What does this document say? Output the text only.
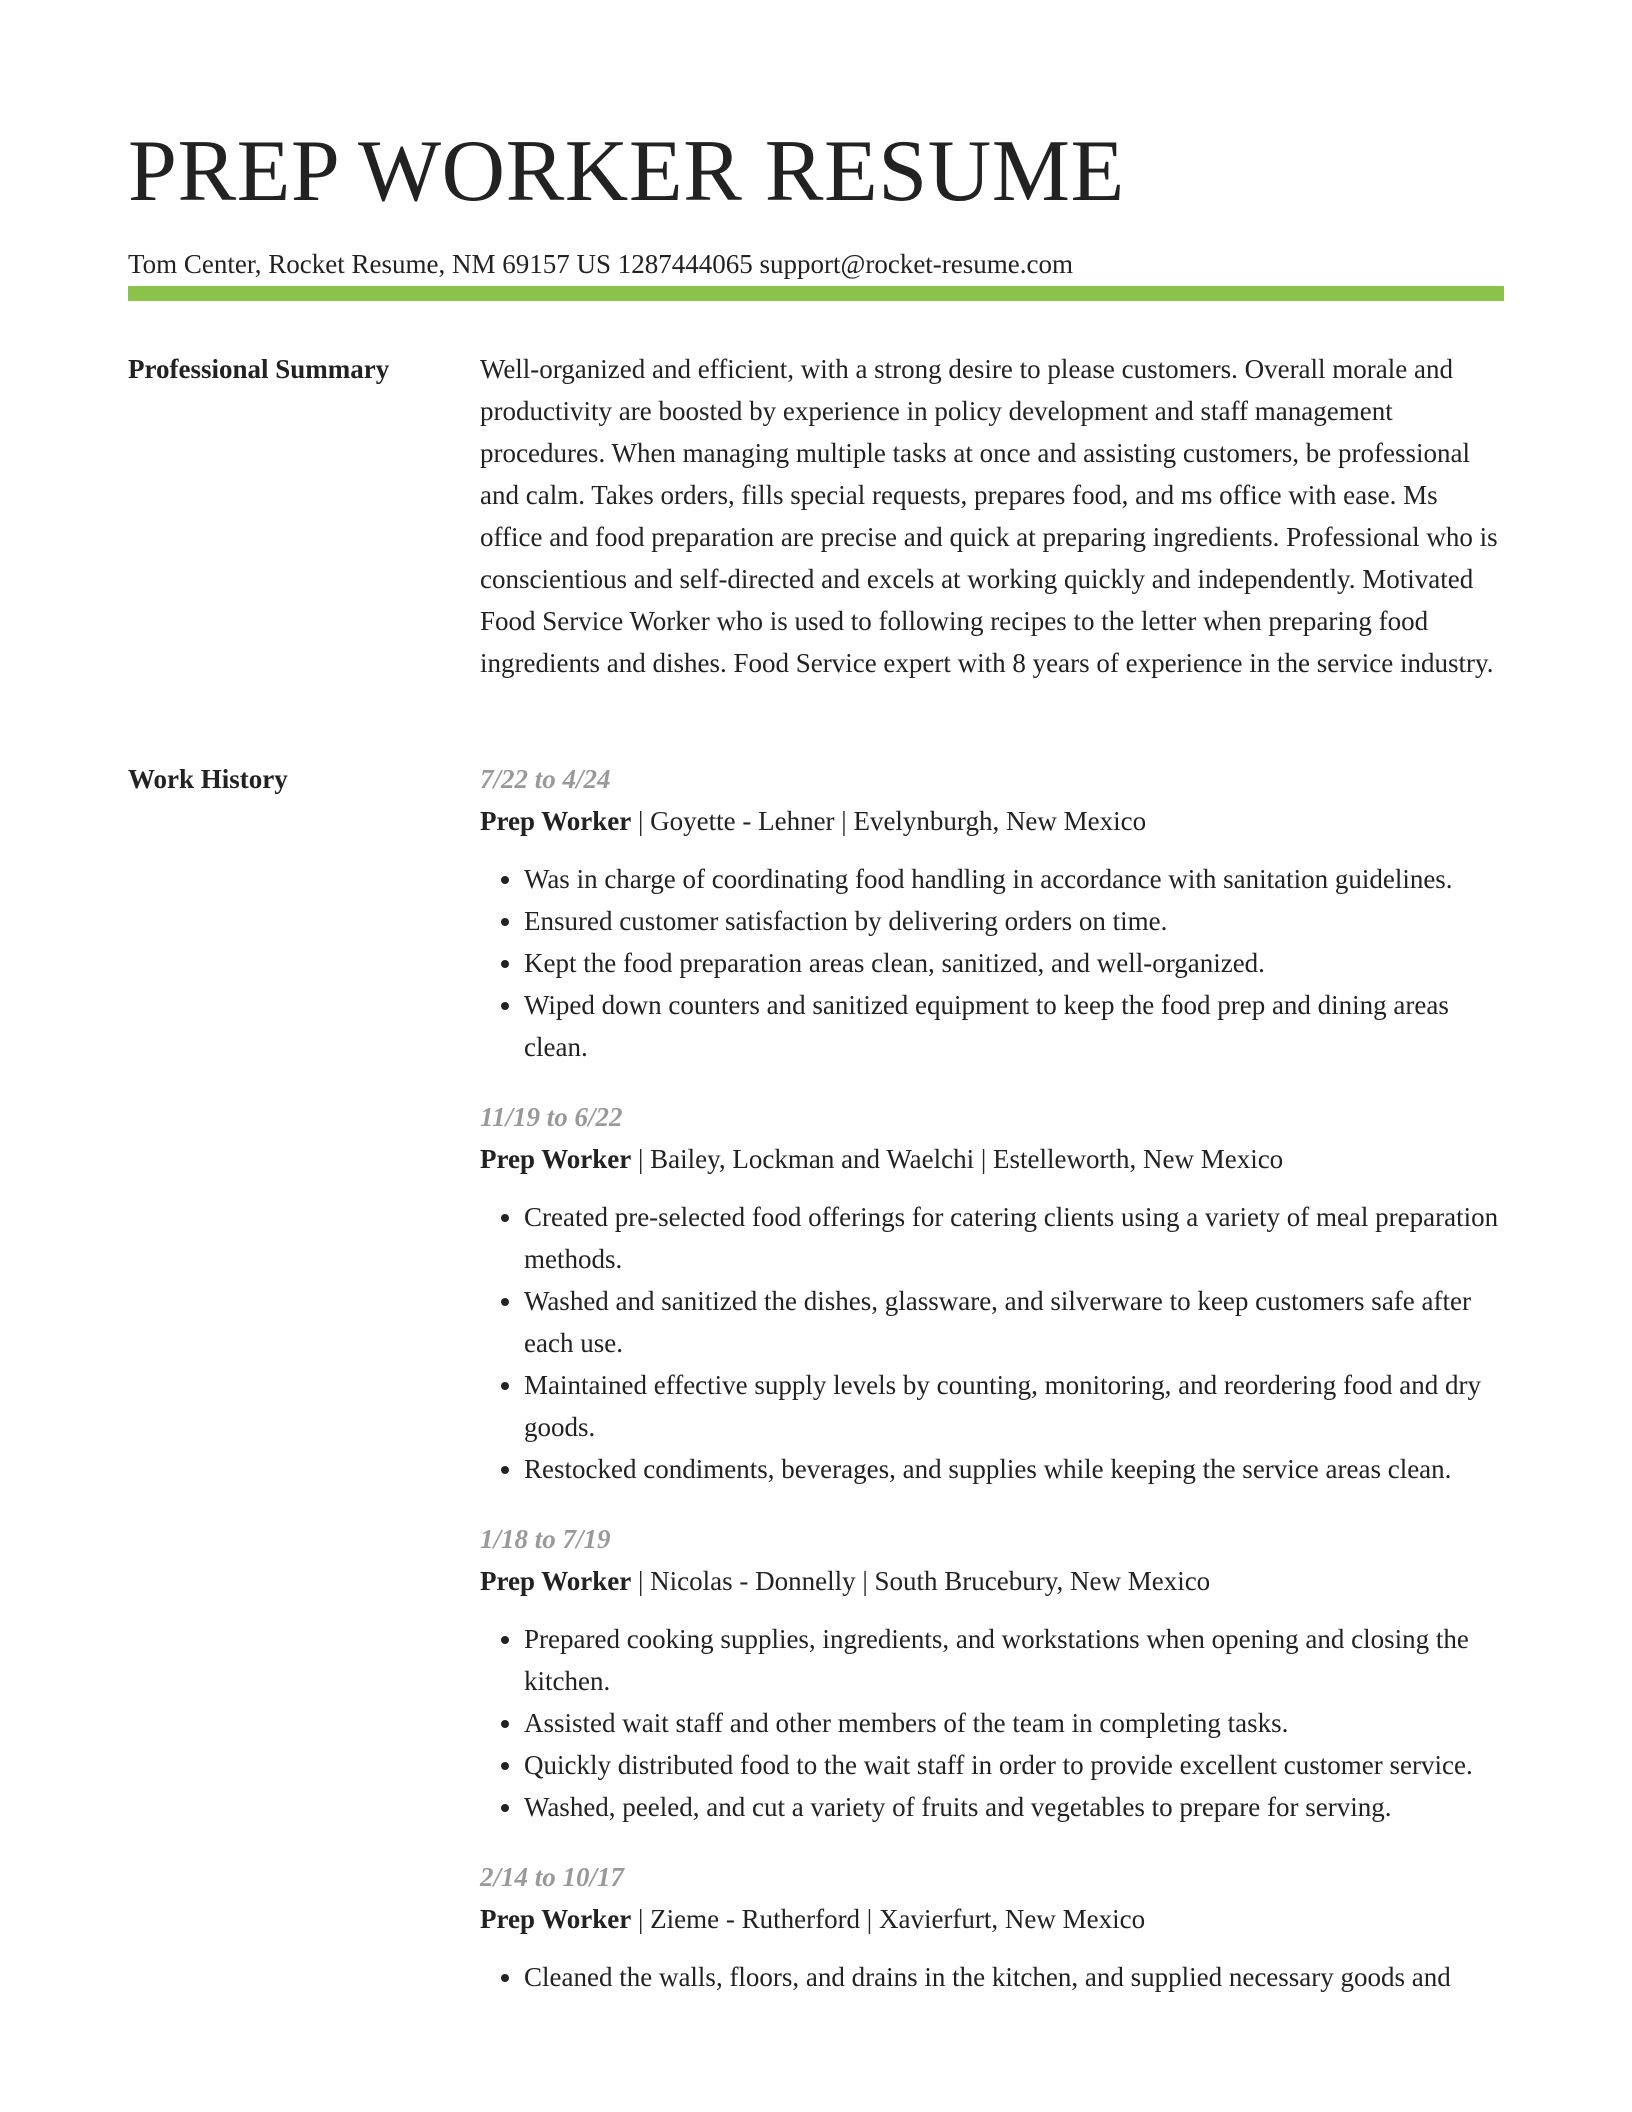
PREP WORKER RESUME
Tom Center, Rocket Resume, NM 69157 US 1287444065 support@rocket-resume.com
Professional Summary	Well-organized and efficient, with a strong desire to please customers. Overall morale and productivity are boosted by experience in policy development and staff management procedures. When managing multiple tasks at once and assisting customers, be professional and calm. Takes orders, fills special requests, prepares food, and ms office with ease. Ms office and food preparation are precise and quick at preparing ingredients. Professional who is conscientious and self-directed and excels at working quickly and independently. Motivated Food Service Worker who is used to following recipes to the letter when preparing food ingredients and dishes. Food Service expert with 8 years of experience in the service industry.

Work History	7/22 to 4/24
Prep Worker | Goyette - Lehner | Evelynburgh, New Mexico
• Was in charge of coordinating food handling in accordance with sanitation guidelines.
• Ensured customer satisfaction by delivering orders on time.
• Kept the food preparation areas clean, sanitized, and well-organized.
• Wiped down counters and sanitized equipment to keep the food prep and dining areas clean.
11/19 to 6/22
Prep Worker | Bailey, Lockman and Waelchi | Estelleworth, New Mexico
• Created pre-selected food offerings for catering clients using a variety of meal preparation methods.
• Washed and sanitized the dishes, glassware, and silverware to keep customers safe after each use.
• Maintained effective supply levels by counting, monitoring, and reordering food and dry goods.
• Restocked condiments, beverages, and supplies while keeping the service areas clean.
1/18 to 7/19
Prep Worker | Nicolas - Donnelly | South Brucebury, New Mexico
• Prepared cooking supplies, ingredients, and workstations when opening and closing the kitchen.
• Assisted wait staff and other members of the team in completing tasks.
• Quickly distributed food to the wait staff in order to provide excellent customer service.
• Washed, peeled, and cut a variety of fruits and vegetables to prepare for serving.
2/14 to 10/17
Prep Worker | Zieme - Rutherford | Xavierfurt, New Mexico
• Cleaned the walls, floors, and drains in the kitchen, and supplied necessary goods and
